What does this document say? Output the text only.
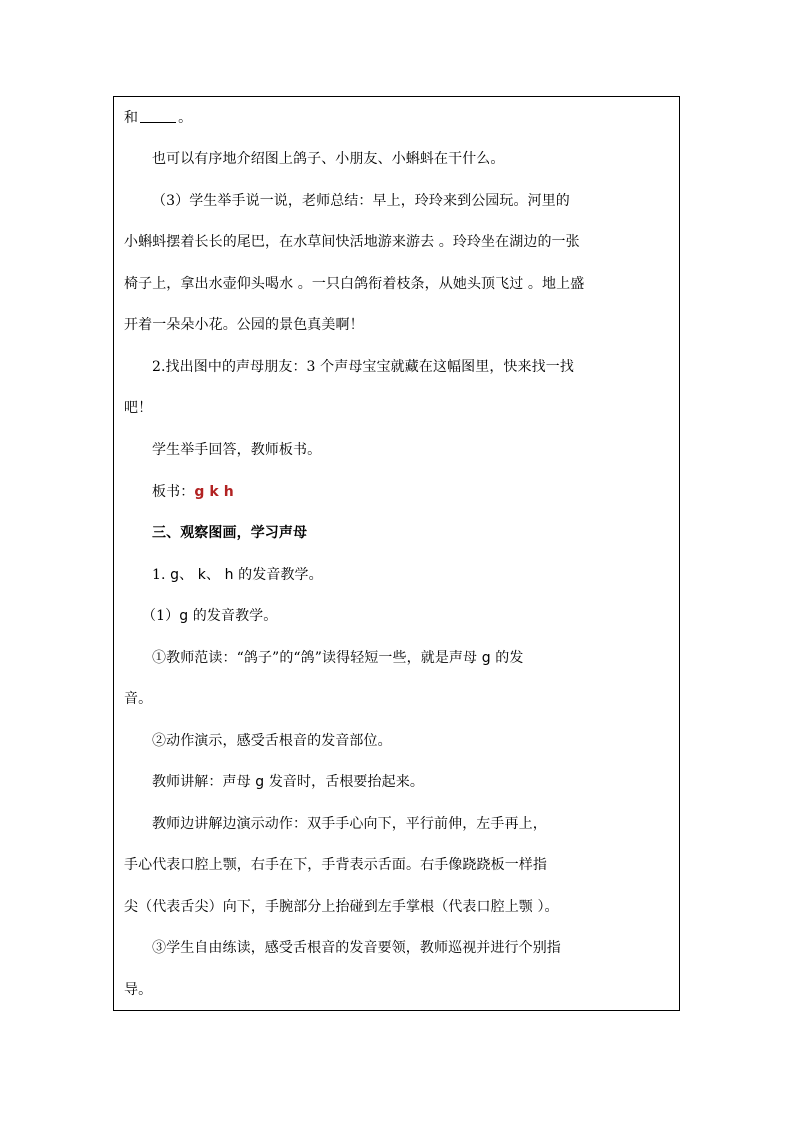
和	。
也可以有序地介绍图上鸽子、小朋友、小蝌蚪在干什么。
（3）学生举手说一说，老师总结：早上，玲玲来到公园玩。河里的
小蝌蚪摆着长长的尾巴，在水草间快活地游来游去 。玲玲坐在湖边的一张
椅子上，拿出水壶仰头喝水 。一只白鸽衔着枝条，从她头顶飞过 。地上盛
开着一朵朵小花。公园的景色真美啊！
2.找出图中的声母朋友：3 个声母宝宝就藏在这幅图里，快来找一找
吧！
学生举手回答，教师板书。
板书：g k h
三、观察图画，学习声母
1. g、 k、 h 的发音教学。
（1）g 的发音教学。
①教师范读：“鸽子”的“鸽”读得轻短一些，就是声母 g 的发
音。
②动作演示，感受舌根音的发音部位。
教师讲解：声母 g 发音时，舌根要抬起来。
教师边讲解边演示动作：双手手心向下，平行前伸，左手再上，
手心代表口腔上颚，右手在下，手背表示舌面。右手像跷跷板一样指
尖（代表舌尖）向下，手腕部分上抬碰到左手掌根（代表口腔上颚 ）。
③学生自由练读，感受舌根音的发音要领，教师巡视并进行个别指
导。
